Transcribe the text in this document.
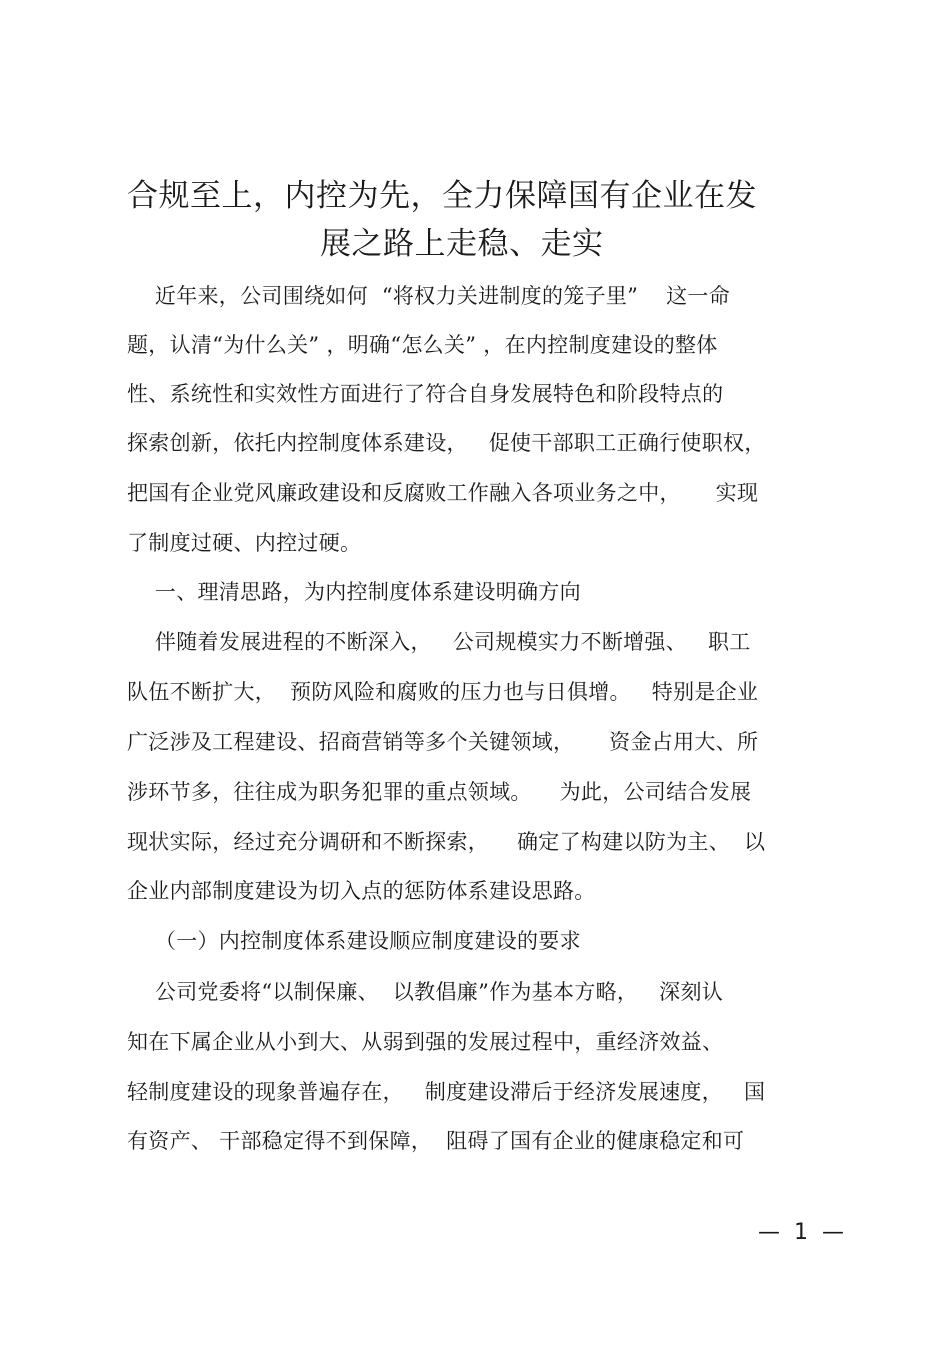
合规至上，内控为先，全力保障国有企业在发
展之路上走稳、走实
近年来，公司围绕如何  “将权力关进制度的笼子里”    这一命
题，认清“为什么关” ，明确“怎么关” ，在内控制度建设的整体
性、系统性和实效性方面进行了符合自身发展特色和阶段特点的
探索创新，依托内控制度体系建设，   促使干部职工正确行使职权，
把国有企业党风廉政建设和反腐败工作融入各项业务之中，     实现
了制度过硬、内控过硬。
一、理清思路，为内控制度体系建设明确方向
伴随着发展进程的不断深入，   公司规模实力不断增强、   职工
队伍不断扩大，  预防风险和腐败的压力也与日俱增。   特别是企业
广泛涉及工程建设、招商营销等多个关键领域，     资金占用大、所
涉环节多，往往成为职务犯罪的重点领域。    为此，公司结合发展
现状实际，经过充分调研和不断探索，    确定了构建以防为主、  以
企业内部制度建设为切入点的惩防体系建设思路。
（一）内控制度体系建设顺应制度建设的要求
公司党委将“以制保廉、  以教倡廉”作为基本方略，   深刻认
知在下属企业从小到大、从弱到强的发展过程中，重经济效益、
轻制度建设的现象普遍存在，   制度建设滞后于经济发展速度，   国
有资产、 干部稳定得不到保障，  阻碍了国有企业的健康稳定和可
—  1  —
